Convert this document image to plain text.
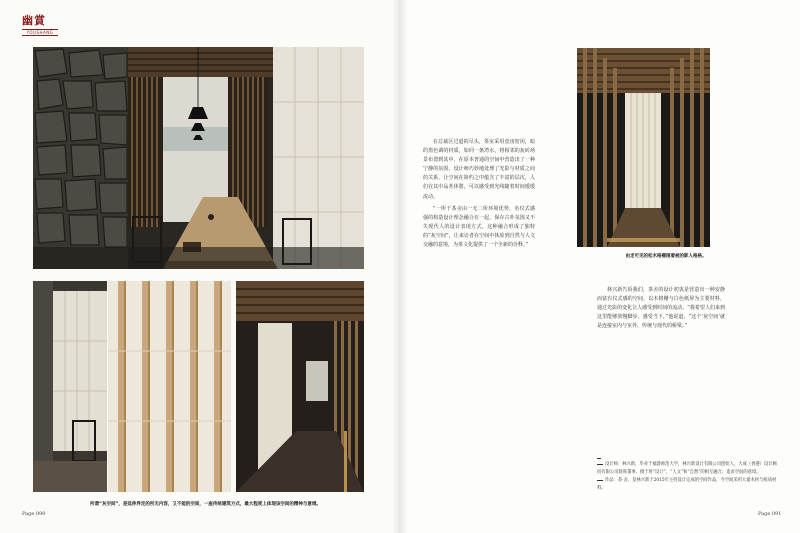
幽賞
YOUSHANG

在总裁区过道的尽头，茶室采用竟宙密闭，暗的黑色调的材质，如同一条湾水，将相邻的灰砖场景布置到其中，在原本普通的空间中营造出了一种宁静的氛围。设计师巧妙地处理了光影与材质之间的关系，让空间在简约之中蕴含了丰富的层次，人们在其中品茗休憩，可以感受到光线随着时间缓缓流动。

“一所千茶舍由一无二所环境优势，名仪式感强的构造设计理念融合在一起，保存古朴氛围又不失现代人的设计表现方式，这种融合形成了独特的“灰空间”，让来访者在空间中体验到自然与人文交融的意境，为茶文化提供了一个全新的诠释。”

林兴新告诉我们，茶舍的设计初衷是营造出一种安静而富有仪式感的空间，以木格栅与白色纸屏为主要材料，通过光影的变化让人感受到时间的流动。“我希望人们来到这里能够放慢脚步，感受当下，”他说道，“这个‘灰空间’就是连接室内与室外、传统与现代的桥梁。”

由走可见的松木格栅围着被的影人格格。
所谓“灰空间”，是延伸界定的所无内容，又不能的空间，一座传统建筑方式，最大程度上体现该空间的精神与意境。
设计师：林兴新，毕业于福建师范大学，林兴新设计有限公司创始人，大成（香港）设计顾问有限公司联席董事，擅于将“设计”，“人文”和“自然”的相互融合，追求空间的意境。
作品：茶·舍，是林兴新于2015年主持设计完成的空间作品，今空间采用大量木材与纸质材料。
Page 090	Page 091
